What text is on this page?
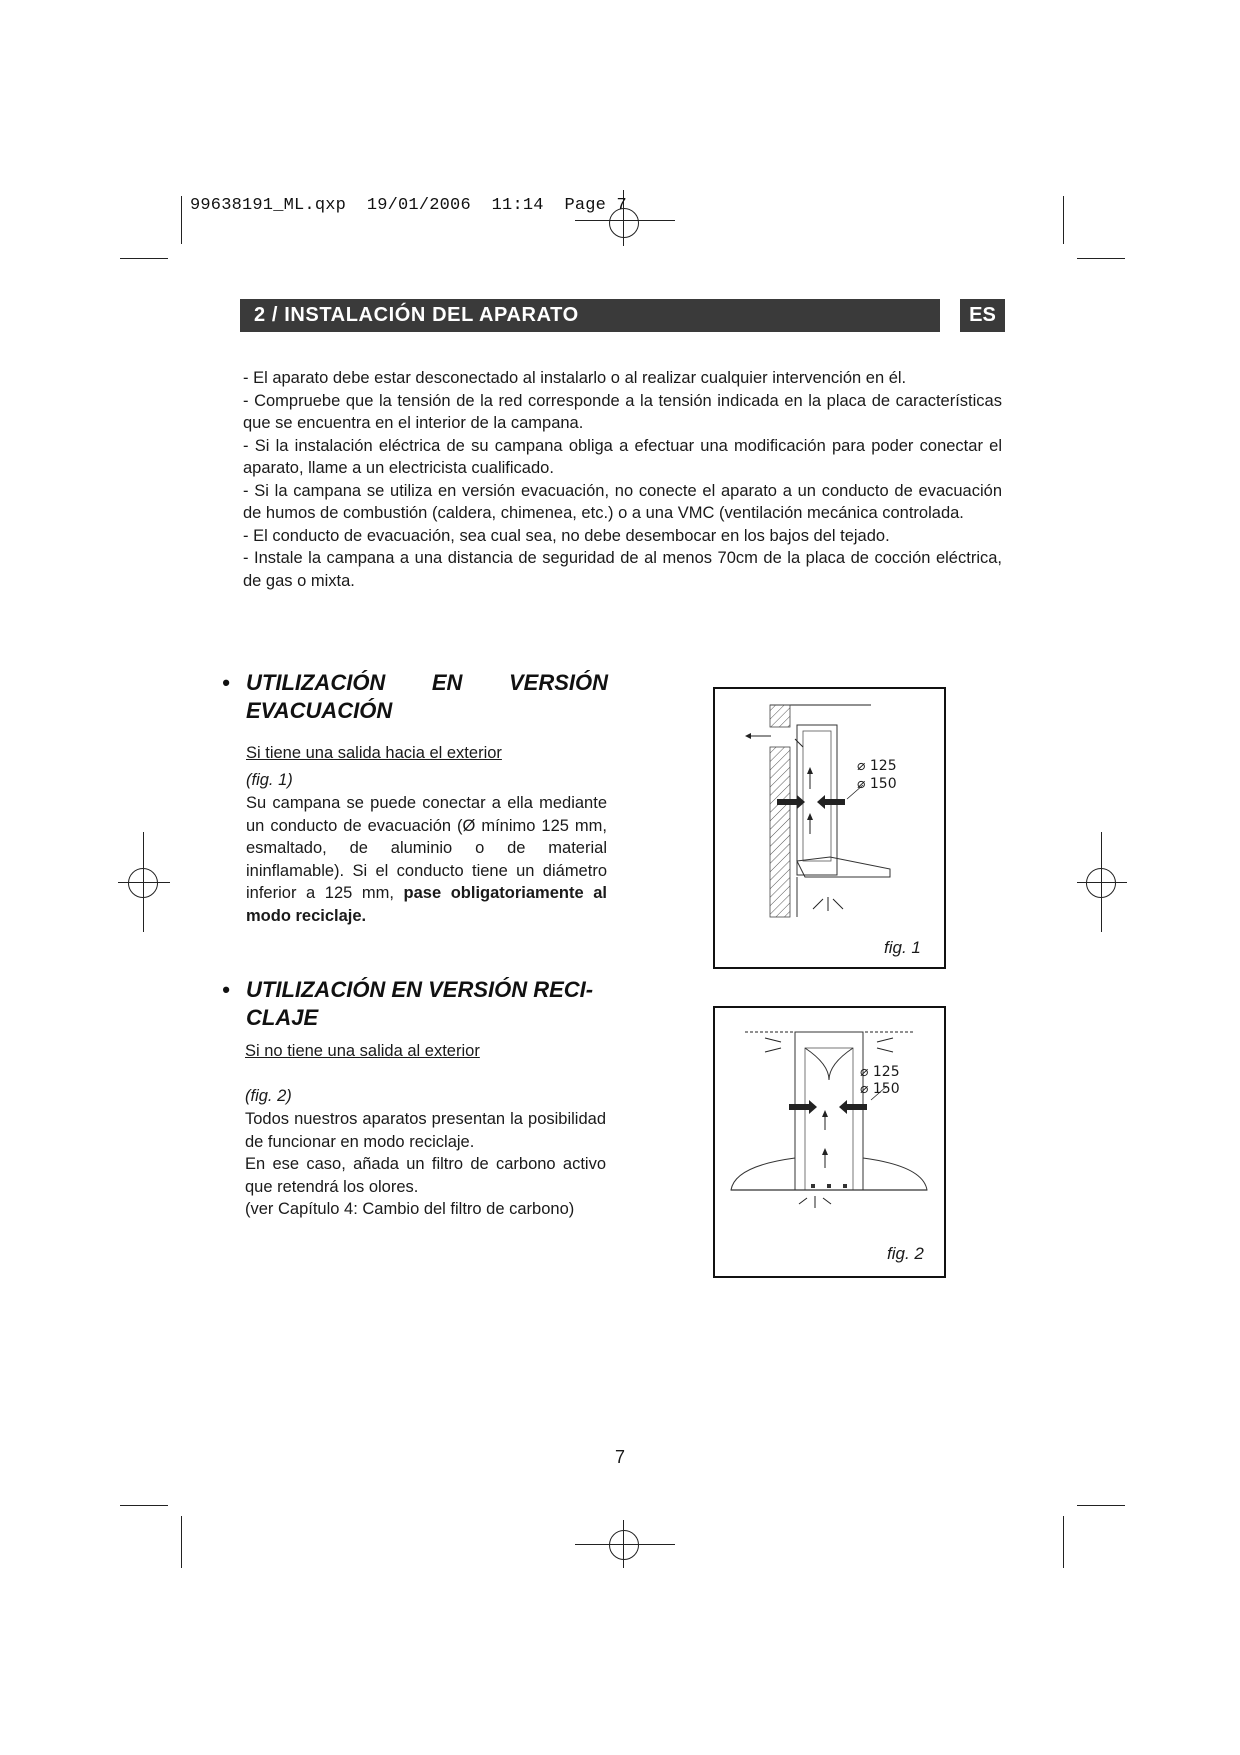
99638191_ML.qxp  19/01/2006  11:14  Page 7
2 / INSTALACIÓN DEL APARATO	ES

- El aparato debe estar desconectado al instalarlo o al realizar cualquier intervención en él.

- Compruebe que la tensión de la red corresponde a la tensión indicada en la placa de características que se encuentra en el interior de la campana.

- Si la instalación eléctrica de su campana obliga a efectuar una modificación para poder conectar el aparato, llame a un electricista cualificado.

- Si la campana se utiliza en versión evacuación, no conecte el aparato a un conducto de evacuación de humos de combustión (caldera, chimenea, etc.) o a una VMC (ventilación mecánica controlada.

- El conducto de evacuación, sea cual sea, no debe desembocar en los bajos del tejado.

- Instale la campana a una distancia de seguridad de al menos 70cm de la placa de cocción eléctrica, de gas o mixta.

• UTILIZACIÓN EN VERSIÓN
EVACUACIÓN
Si tiene una salida hacia el exterior
(fig. 1)
Su campana se puede conectar a ella mediante un conducto de evacuación (Ø mínimo 125 mm, esmaltado, de aluminio o de material ininflamable). Si el conducto tiene un diámetro inferior a 125 mm, pase obligatoriamente al modo reciclaje.
• UTILIZACIÓN EN VERSIÓN RECI-
CLAJE
Si no tiene una salida al exterior
(fig. 2)
Todos nuestros aparatos presentan la posibilidad de funcionar en modo reciclaje.
En ese caso, añada un filtro de carbono activo que retendrá los olores.
(ver Capítulo 4: Cambio del filtro de carbono)
⌀ 125
⌀ 150
fig. 1
⌀ 125
⌀ 150
fig. 2
7
